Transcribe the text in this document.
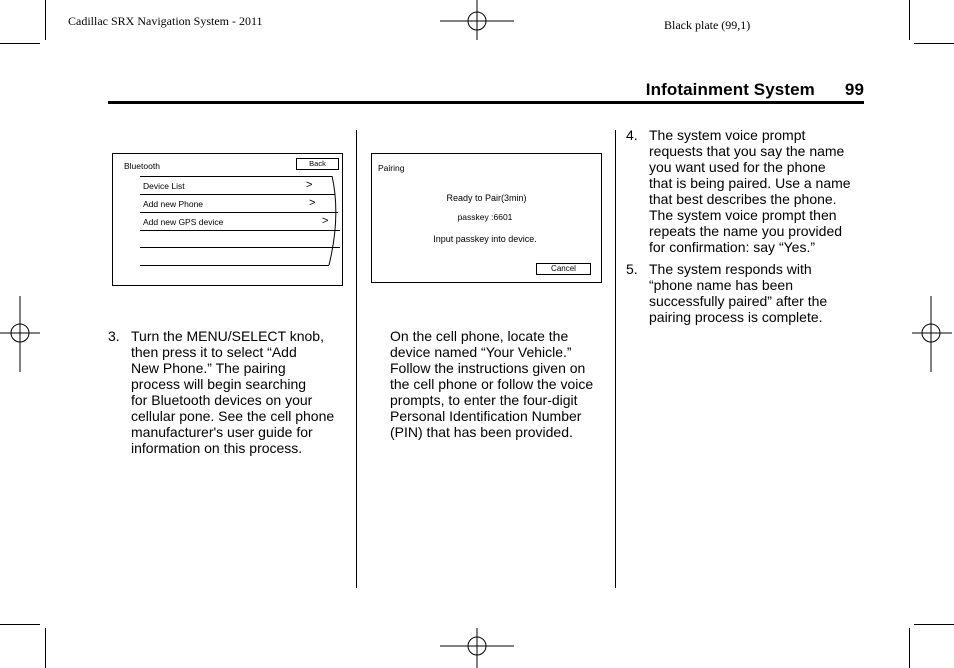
Cadillac SRX Navigation System - 2011	Black plate (99,1)
Infotainment System 99
Bluetooth	Back
Device List	>
Add new Phone	>
Add new GPS device	>
Pairing
Ready to Pair(3min)
passkey :6601
Input passkey into device.
Cancel
3. Turn the MENU/SELECT knob,
then press it to select “Add
New Phone.” The pairing
process will begin searching
for Bluetooth devices on your
cellular pone. See the cell phone
manufacturer's user guide for
information on this process.
On the cell phone, locate the
device named “Your Vehicle.”
Follow the instructions given on
the cell phone or follow the voice
prompts, to enter the four-digit
Personal Identification Number
(PIN) that has been provided.
4. The system voice prompt
requests that you say the name
you want used for the phone
that is being paired. Use a name
that best describes the phone.
The system voice prompt then
repeats the name you provided
for confirmation: say “Yes.”
5. The system responds with
“phone name has been
successfully paired” after the
pairing process is complete.
